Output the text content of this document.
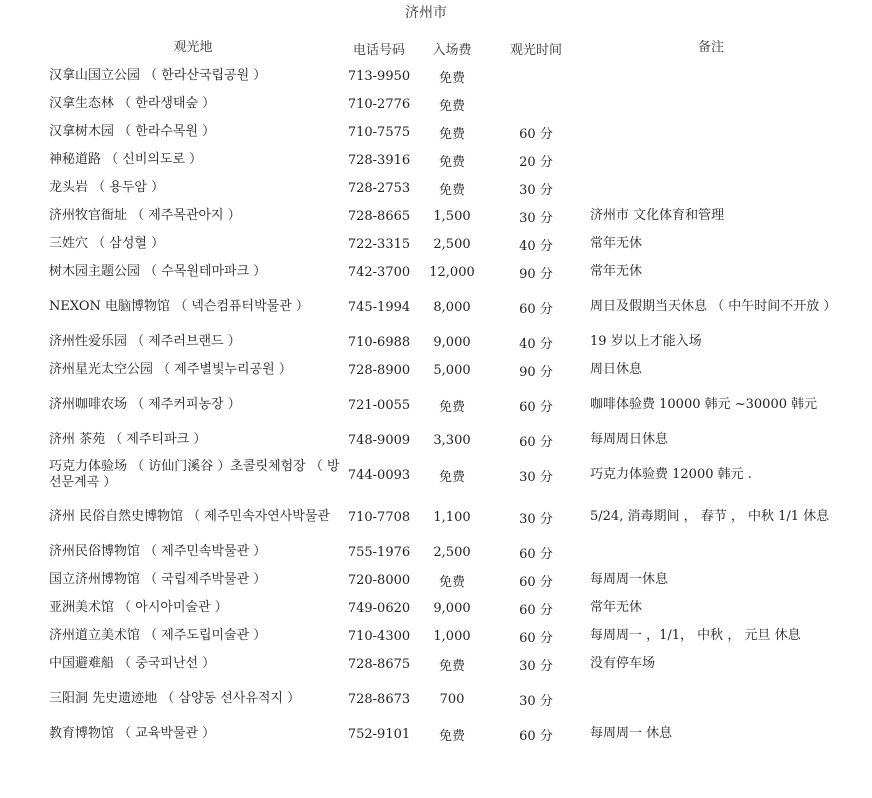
济州市
观光地	电话号码	入场费	观光时间	备注
汉拿山国立公园 （ 한라산국립공원 ）	713-9950	免费
汉拿生态林 （ 한라생태숲 ）	710-2776	免费
汉拿树木园 （ 한라수목원 ）	710-7575	免费	60 分
神秘道路 （ 신비의도로 ）	728-3916	免费	20 分
龙头岩 （ 용두암 ）	728-2753	免费	30 分
济州牧官衙址 （ 제주목관아지 ）	728-8665	1,500	30 分	济州市 文化体育和管理
三姓穴 （ 삼성혈 ）	722-3315	2,500	40 分	常年无休
树木园主题公园 （ 수목원테마파크 ）	742-3700	12,000	90 分	常年无休
NEXON 电脑博物馆 （ 넥슨컴퓨터박물관 ）	745-1994	8,000	60 分	周日及假期当天休息 （ 中午时间不开放 ）
济州性爱乐园 （ 제주러브랜드 ）	710-6988	9,000	40 分	19 岁以上才能入场
济州星光太空公园 （ 제주별빛누리공원 ）	728-8900	5,000	90 分	周日休息
济州咖啡农场 （ 제주커피농장 ）	721-0055	免费	60 分	咖啡体验费 10000 韩元 ~30000 韩元
济州 茶苑 （ 제주티파크 ）	748-9009	3,300	60 分	每周周日休息
巧克力体验场 （ 访仙门溪谷 ）초콜릿체험장 （ 방선문계곡 ）	744-0093	免费	30 分	巧克力体验费 12000 韩元 .
济州 民俗自然史博物馆 （ 제주민속자연사박물관	710-7708	1,100	30 分	5/24, 消毒期间 ， 春节 ， 中秋 1/1 休息
济州民俗博物馆 （ 제주민속박물관 ）	755-1976	2,500	60 分
国立济州博物馆 （ 국립제주박물관 ）	720-8000	免费	60 分	每周周一休息
亚洲美术馆 （ 아시아미술관 ）	749-0620	9,000	60 分	常年无休
济州道立美术馆 （ 제주도립미술관 ）	710-4300	1,000	60 分	每周周一 ，1/1， 中秋 ， 元旦 休息
中国避难船 （ 중국피난선 ）	728-8675	免费	30 分	没有停车场
三阳洞 先史遗迹地 （ 삼양동 선사유적지 ）	728-8673	700	30 分
教育博物馆 （ 교육박물관 ）	752-9101	免费	60 分	每周周一 休息
